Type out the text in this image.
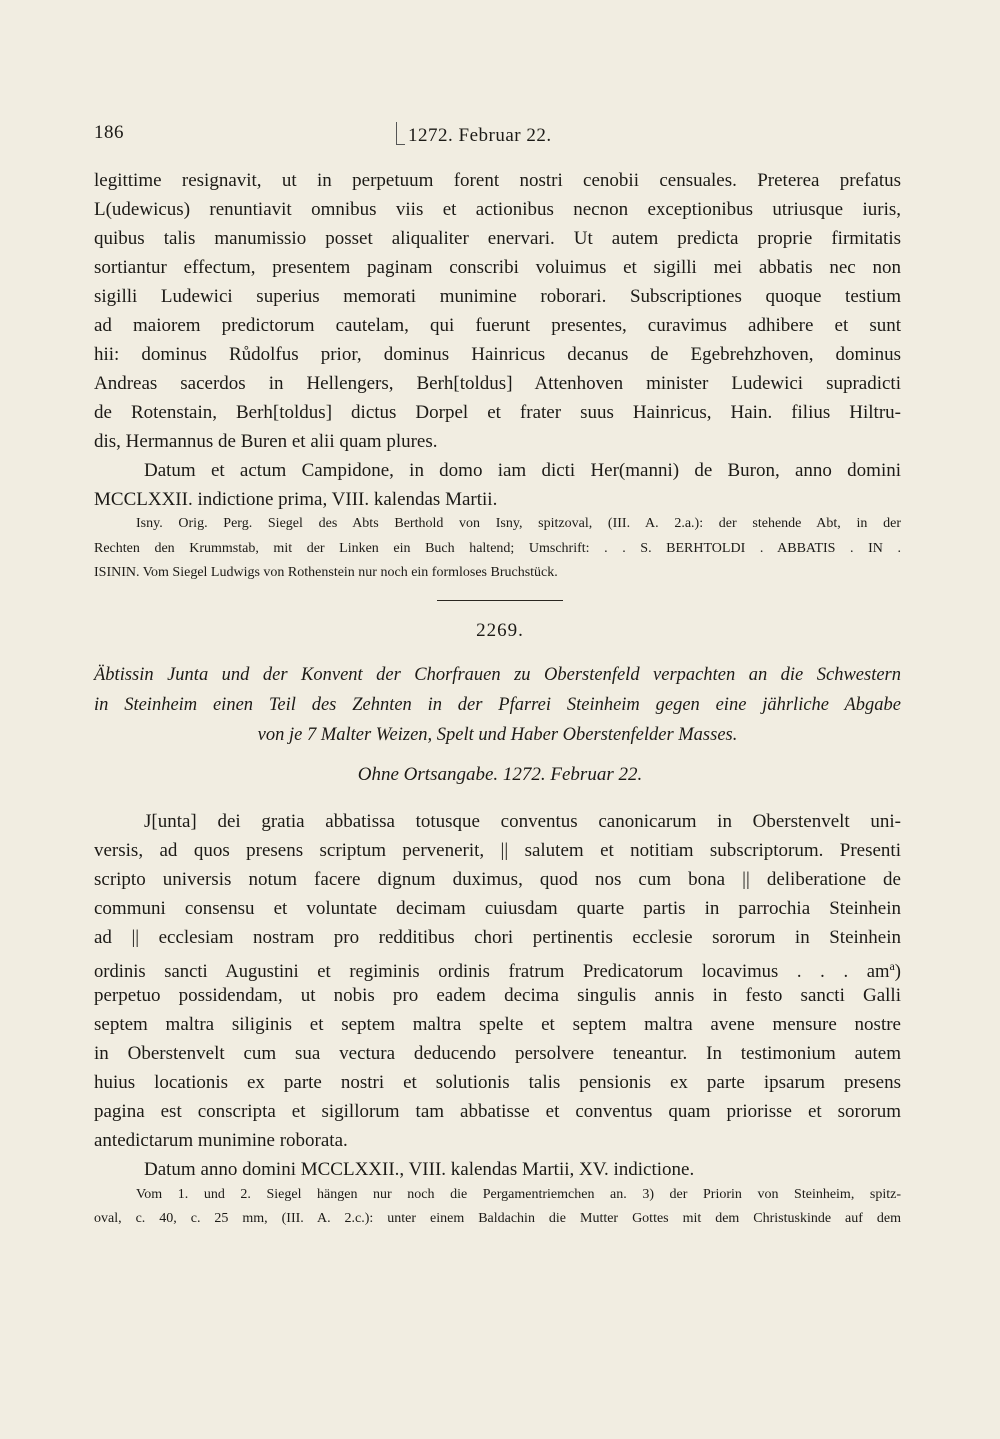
186	1272. Februar 22.
legittime resignavit, ut in perpetuum forent nostri cenobii censuales. Preterea prefatus
L(udewicus) renuntiavit omnibus viis et actionibus necnon exceptionibus utriusque iuris,
quibus talis manumissio posset aliqualiter enervari. Ut autem predicta proprie firmitatis
sortiantur effectum, presentem paginam conscribi voluimus et sigilli mei abbatis nec non
sigilli Ludewici superius memorati munimine roborari. Subscriptiones quoque testium
ad maiorem predictorum cautelam, qui fuerunt presentes, curavimus adhibere et sunt
hii: dominus Růdolfus prior, dominus Hainricus decanus de Egebrehzhoven, dominus
Andreas sacerdos in Hellengers, Berh[toldus] Attenhoven minister Ludewici supradicti
de Rotenstain, Berh[toldus] dictus Dorpel et frater suus Hainricus, Hain. filius Hiltru-
dis, Hermannus de Buren et alii quam plures.
Datum et actum Campidone, in domo iam dicti Her(manni) de Buron, anno domini
MCCLXXII. indictione prima, VIII. kalendas Martii.
Isny. Orig. Perg. Siegel des Abts Berthold von Isny, spitzoval, (III. A. 2.a.): der stehende Abt, in der
Rechten den Krummstab, mit der Linken ein Buch haltend; Umschrift: . . S. BERHTOLDI . ABBATIS . IN .
ISININ. Vom Siegel Ludwigs von Rothenstein nur noch ein formloses Bruchstück.
2269.
Äbtissin Junta und der Konvent der Chorfrauen zu Oberstenfeld verpachten an die Schwestern
in Steinheim einen Teil des Zehnten in der Pfarrei Steinheim gegen eine jährliche Abgabe
von je 7 Malter Weizen, Spelt und Haber Oberstenfelder Masses.
Ohne Ortsangabe. 1272. Februar 22.
J[unta] dei gratia abbatissa totusque conventus canonicarum in Oberstenvelt uni-
versis, ad quos presens scriptum pervenerit, || salutem et notitiam subscriptorum. Presenti
scripto universis notum facere dignum duximus, quod nos cum bona || deliberatione de
communi consensu et voluntate decimam cuiusdam quarte partis in parrochia Steinhein
ad || ecclesiam nostram pro redditibus chori pertinentis ecclesie sororum in Steinhein
ordinis sancti Augustini et regiminis ordinis fratrum Predicatorum locavimus . . . $am^a$)
perpetuo possidendam, ut nobis pro eadem decima singulis annis in festo sancti Galli
septem maltra siliginis et septem maltra spelte et septem maltra avene mensure nostre
in Oberstenvelt cum sua vectura deducendo persolvere teneantur. In testimonium autem
huius locationis ex parte nostri et solutionis talis pensionis ex parte ipsarum presens
pagina est conscripta et sigillorum tam abbatisse et conventus quam priorisse et sororum
antedictarum munimine roborata.
Datum anno domini MCCLXXII., VIII. kalendas Martii, XV. indictione.
Vom 1. und 2. Siegel hängen nur noch die Pergamentriemchen an. 3) der Priorin von Steinheim, spitz-
oval, c. 40, c. 25 mm, (III. A. 2.c.): unter einem Baldachin die Mutter Gottes mit dem Christuskinde auf dem
